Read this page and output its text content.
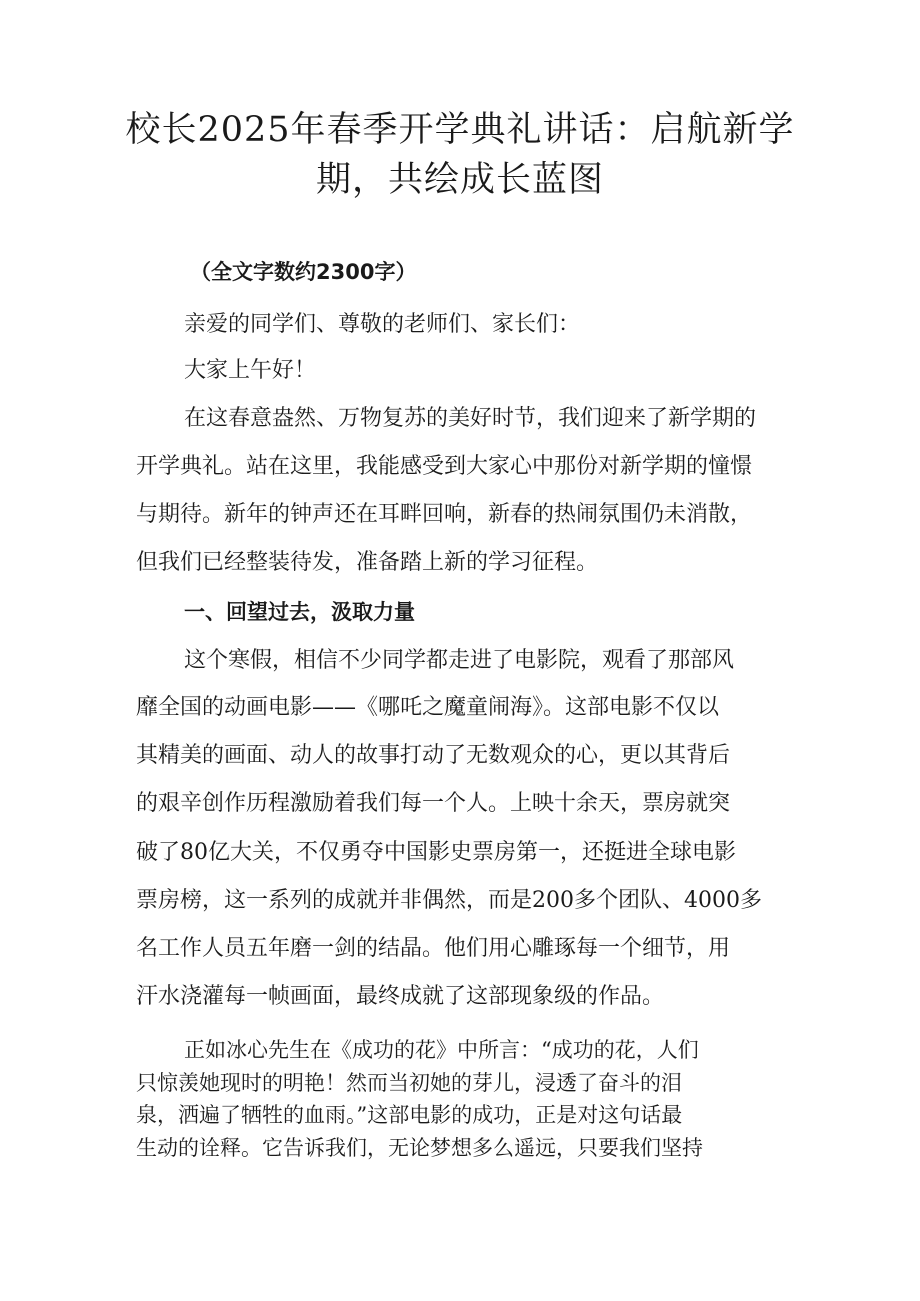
校长2025年春季开学典礼讲话：启航新学
期，共绘成长蓝图

（全文字数约2300字）

亲爱的同学们、尊敬的老师们、家长们：

大家上午好！

在这春意盎然、万物复苏的美好时节，我们迎来了新学期的

开学典礼。站在这里，我能感受到大家心中那份对新学期的憧憬

与期待。新年的钟声还在耳畔回响，新春的热闹氛围仍未消散，

但我们已经整装待发，准备踏上新的学习征程。

一、回望过去，汲取力量

这个寒假，相信不少同学都走进了电影院，观看了那部风

靡全国的动画电影——《哪吒之魔童闹海》。这部电影不仅以

其精美的画面、动人的故事打动了无数观众的心，更以其背后

的艰辛创作历程激励着我们每一个人。上映十余天，票房就突

破了80亿大关，不仅勇夺中国影史票房第一，还挺进全球电影

票房榜，这一系列的成就并非偶然，而是200多个团队、4000多

名工作人员五年磨一剑的结晶。他们用心雕琢每一个细节，用

汗水浇灌每一帧画面，最终成就了这部现象级的作品。

正如冰心先生在《成功的花》中所言：“成功的花，人们

只惊羡她现时的明艳！然而当初她的芽儿，浸透了奋斗的泪

泉，洒遍了牺牲的血雨。”这部电影的成功，正是对这句话最

生动的诠释。它告诉我们，无论梦想多么遥远，只要我们坚持
